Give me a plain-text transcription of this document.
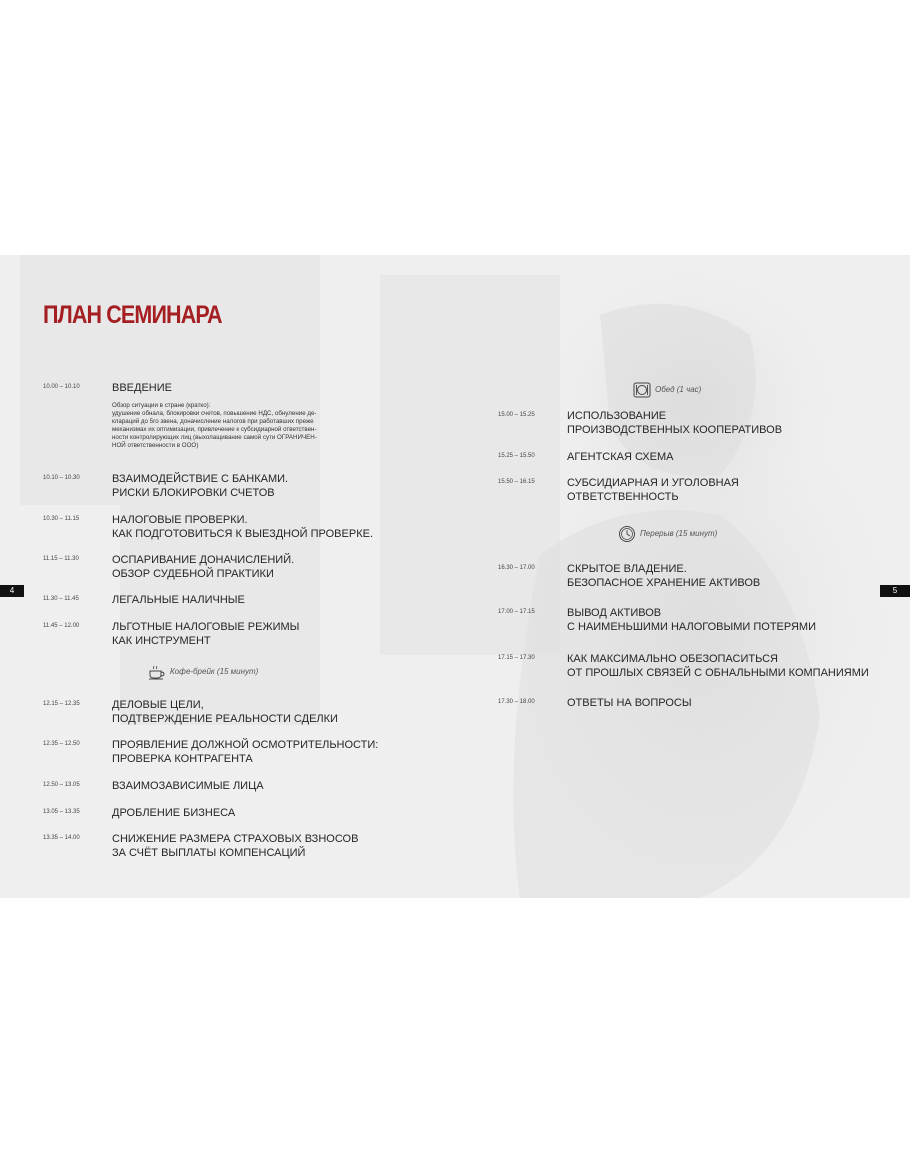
ПЛАН СЕМИНАРА
10.00 – 10.10	ВВЕДЕНИЕ
Обзор ситуации в стране (кратко):
удушение обнала, блокировки счетов, повышение НДС, обнуление де-
клараций до 5го звена, доначисление налогов при работавших преже
механизмах их оптимизации, привлечение к субсидиарной ответствен-
ности контролирующих лиц (выхолащивание самой сути ОГРАНИЧЕН-
НОЙ ответственности в ООО)
10.10 – 10.30	ВЗАИМОДЕЙСТВИЕ С БАНКАМИ.
РИСКИ БЛОКИРОВКИ СЧЕТОВ
10.30 – 11.15	НАЛОГОВЫЕ ПРОВЕРКИ.
КАК ПОДГОТОВИТЬСЯ К ВЫЕЗДНОЙ ПРОВЕРКЕ.
11.15 – 11.30	ОСПАРИВАНИЕ ДОНАЧИСЛЕНИЙ.
ОБЗОР СУДЕБНОЙ ПРАКТИКИ
11.30 – 11.45	ЛЕГАЛЬНЫЕ НАЛИЧНЫЕ
11.45 – 12.00	ЛЬГОТНЫЕ НАЛОГОВЫЕ РЕЖИМЫ
КАК ИНСТРУМЕНТ
Кофе-брейк (15 минут)
12.15 – 12.35	ДЕЛОВЫЕ ЦЕЛИ,
ПОДТВЕРЖДЕНИЕ РЕАЛЬНОСТИ СДЕЛКИ
12.35 – 12.50	ПРОЯВЛЕНИЕ ДОЛЖНОЙ ОСМОТРИТЕЛЬНОСТИ:
ПРОВЕРКА КОНТРАГЕНТА
12.50 – 13.05	ВЗАИМОЗАВИСИМЫЕ ЛИЦА
13.05 – 13.35	ДРОБЛЕНИЕ БИЗНЕСА
13.35 – 14.00	СНИЖЕНИЕ РАЗМЕРА СТРАХОВЫХ ВЗНОСОВ
ЗА СЧЁТ ВЫПЛАТЫ КОМПЕНСАЦИЙ
Обед (1 час)
15.00 – 15.25	ИСПОЛЬЗОВАНИЕ
ПРОИЗВОДСТВЕННЫХ КООПЕРАТИВОВ
15.25 – 15.50	АГЕНТСКАЯ СХЕМА
15.50 – 16.15	СУБСИДИАРНАЯ И УГОЛОВНАЯ
ОТВЕТСТВЕННОСТЬ
Перерыв (15 минут)
16.30 – 17.00	СКРЫТОЕ ВЛАДЕНИЕ.
БЕЗОПАСНОЕ ХРАНЕНИЕ АКТИВОВ
17.00 – 17.15	ВЫВОД АКТИВОВ
С НАИМЕНЬШИМИ НАЛОГОВЫМИ ПОТЕРЯМИ
17.15 – 17.30	КАК МАКСИМАЛЬНО ОБЕЗОПАСИТЬСЯ
ОТ ПРОШЛЫХ СВЯЗЕЙ С ОБНАЛЬНЫМИ КОМПАНИЯМИ
17.30 – 18.00	ОТВЕТЫ НА ВОПРОСЫ
4	5
